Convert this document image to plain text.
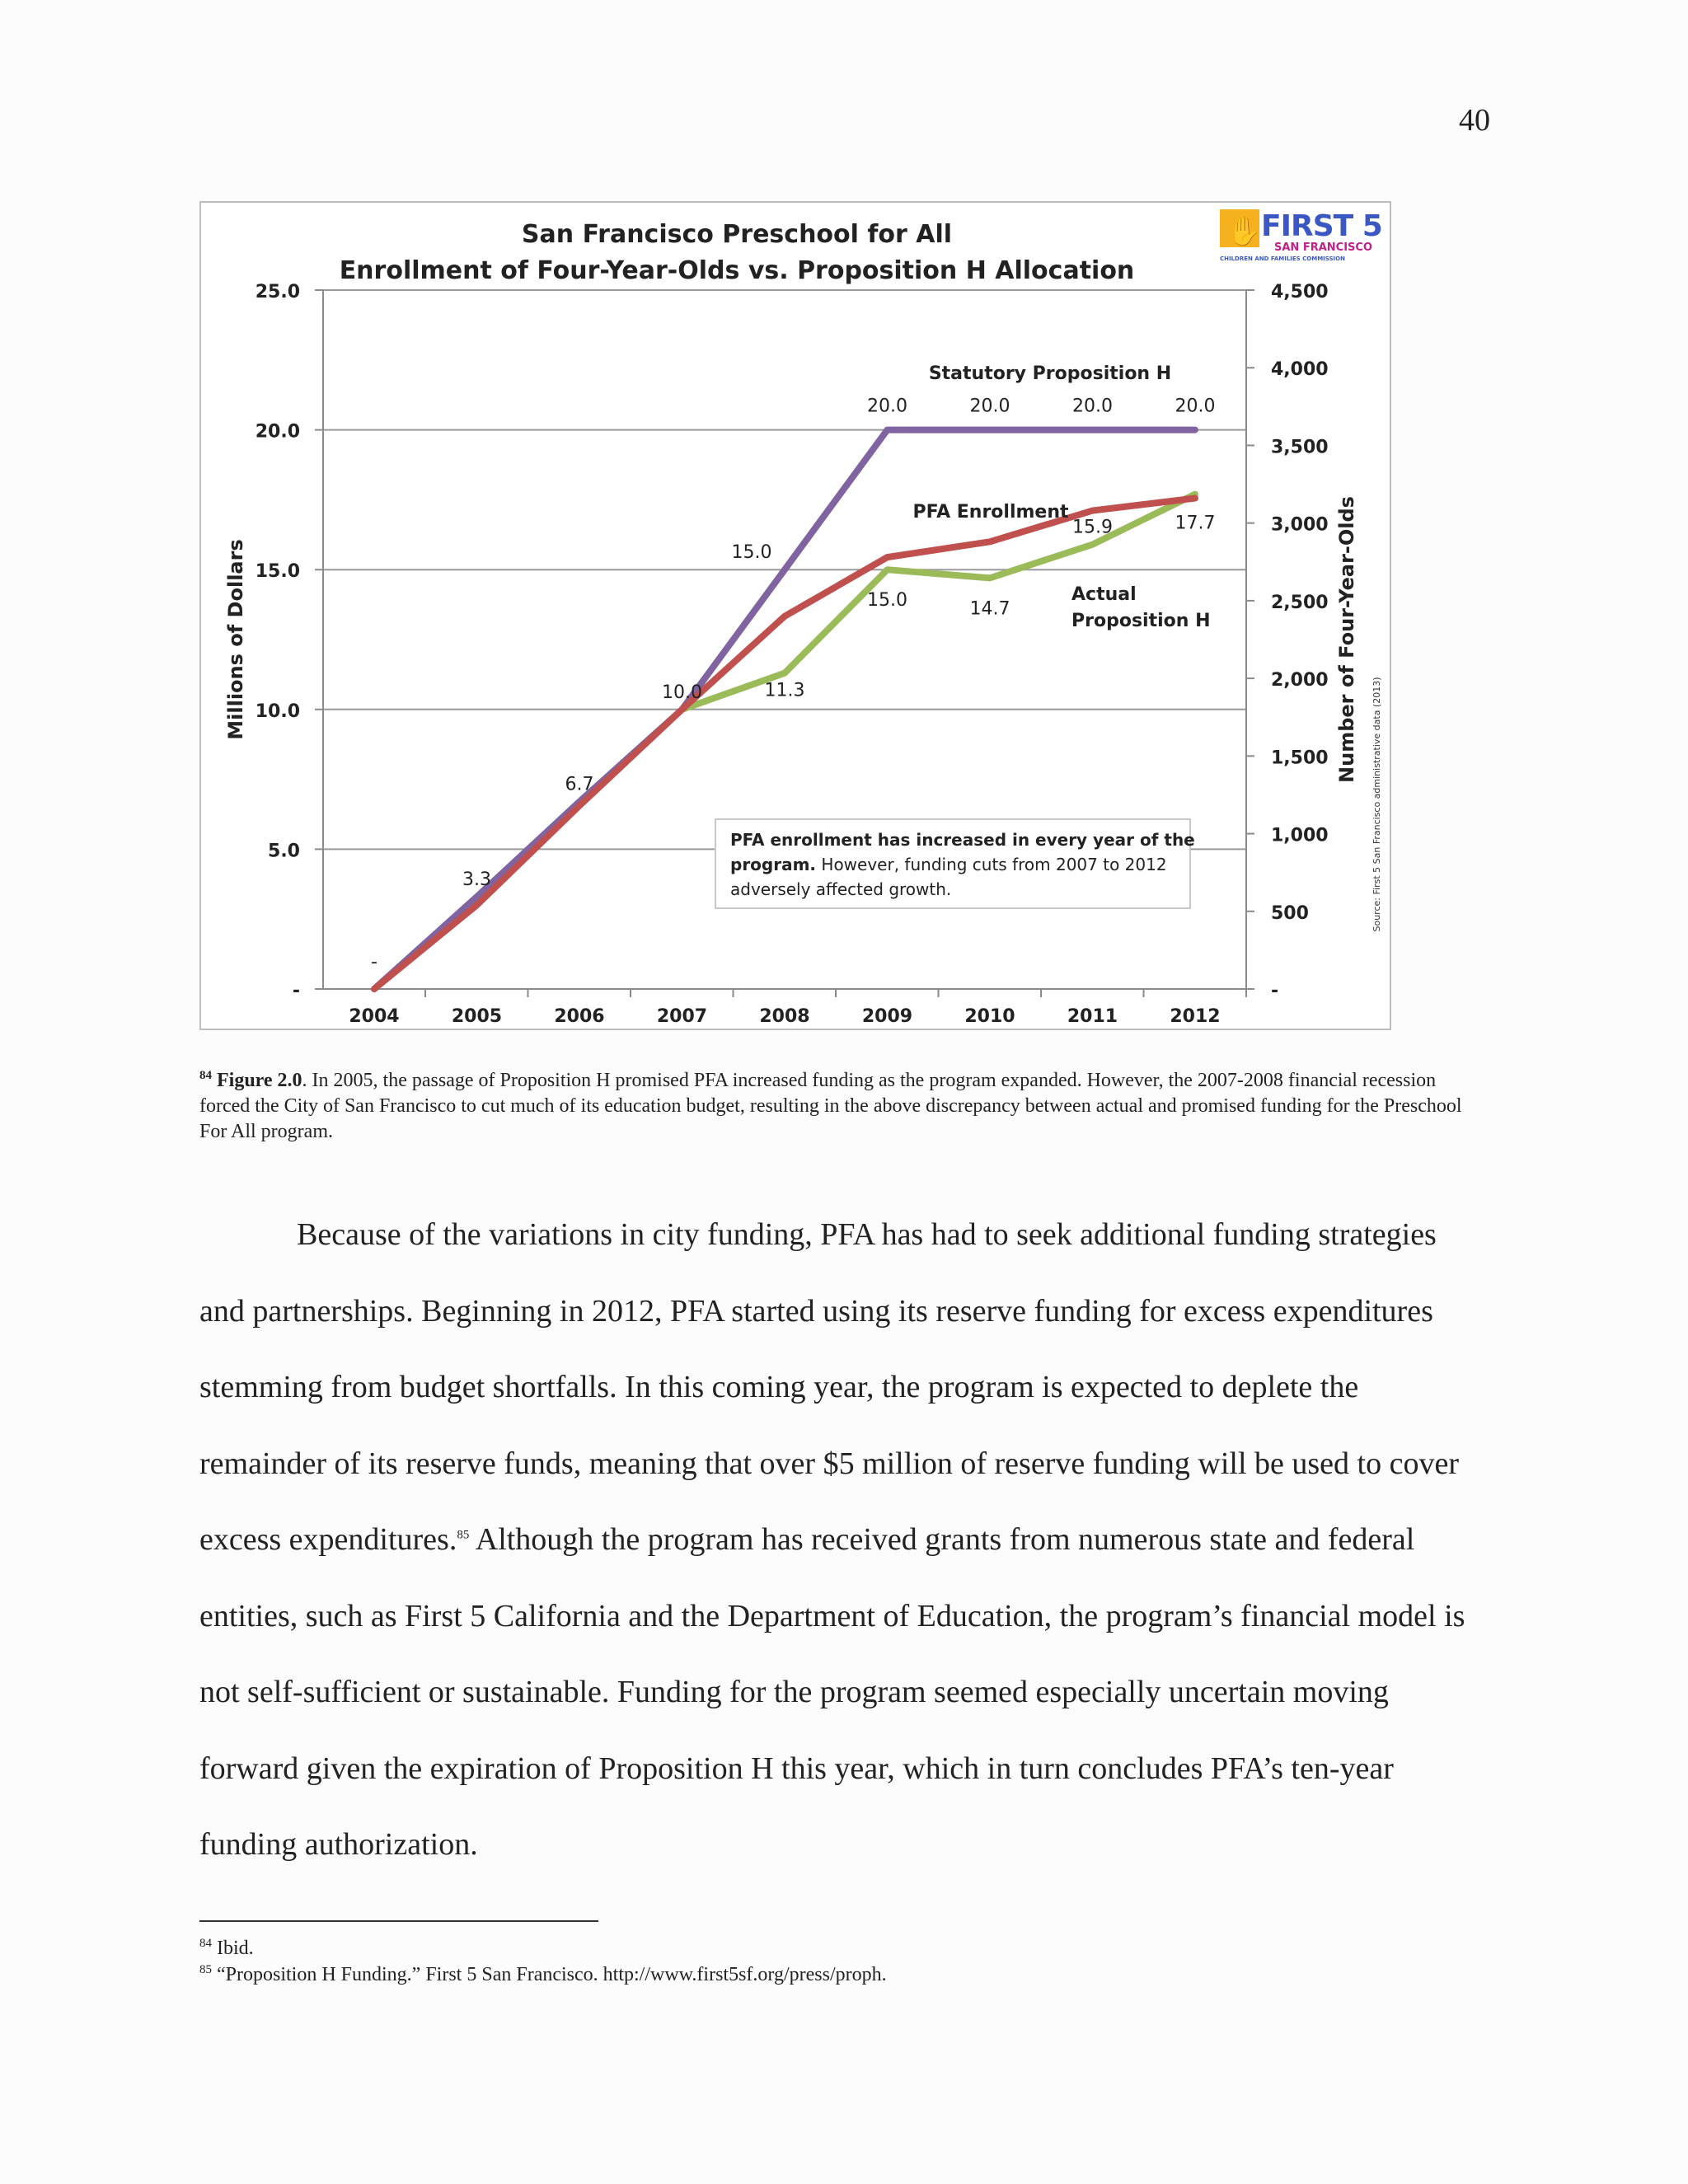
40
San Francisco Preschool for All
Enrollment of Four-Year-Olds vs. Proposition H Allocation
25.0
20.0
15.0
10.0
5.0
-
4,500
4,000
3,500
3,000
2,500
2,000
1,500
1,000
500
-
2004	2005	2006	2007	2008	2009	2010	2011	2012
Millions of Dollars	Number of Four-Year-Olds
Source: First 5 San Francisco administrative data (2013)
-
3.3
6.7
10.0
15.0
20.0	20.0	20.0	20.0
11.3
15.0	14.7
15.9	17.7
Statutory Proposition H
PFA Enrollment
Actual
Proposition H
PFA enrollment has increased in every year of the
program. However, funding cuts from 2007 to 2012
adversely affected growth.
✋ FIRST 5
SAN FRANCISCO
CHILDREN AND FAMILIES COMMISSION
$^{84}$ Figure 2.0. In 2005, the passage of Proposition H promised PFA increased funding as the program expanded. However, the 2007-2008 financial recession forced the City of San Francisco to cut much of its education budget, resulting in the above discrepancy between actual and promised funding for the Preschool For All program.

Because of the variations in city funding, PFA has had to seek additional funding strategies and partnerships. Beginning in 2012, PFA started using its reserve funding for excess expenditures stemming from budget shortfalls. In this coming year, the program is expected to deplete the remainder of its reserve funds, meaning that over $5 million of reserve funding will be used to cover excess expenditures.$^{85}$ Although the program has received grants from numerous state and federal entities, such as First 5 California and the Department of Education, the program’s financial model is not self-sufficient or sustainable. Funding for the program seemed especially uncertain moving forward given the expiration of Proposition H this year, which in turn concludes PFA’s ten-year funding authorization.

$^{84}$ Ibid.
$^{85}$ “Proposition H Funding.” First 5 San Francisco. http://www.first5sf.org/press/proph.
